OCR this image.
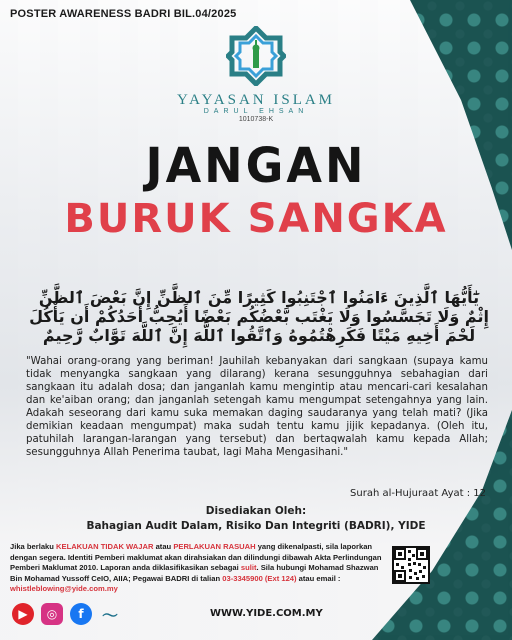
POSTER AWARENESS BADRI BIL.04/2025
YAYASAN ISLAM
DARUL EHSAN
1010738-K
JANGAN
BURUK SANGKA
يَٰٓأَيُّهَا ٱلَّذِينَ ءَامَنُوا ٱجْتَنِبُوا كَثِيرًا مِّنَ ٱلظَّنِّ إِنَّ بَعْضَ ٱلظَّنِّ إِثْمٌ وَلَا تَجَسَّسُوا وَلَا يَغْتَب بَّعْضُكُم بَعْضًا أَيُحِبُّ أَحَدُكُمْ أَن يَأْكُلَ لَحْمَ أَخِيهِ مَيْتًا فَكَرِهْتُمُوهُ وَٱتَّقُوا ٱللَّهَ إِنَّ ٱللَّهَ تَوَّابٌ رَّحِيمٌ
"Wahai orang-orang yang beriman! Jauhilah kebanyakan dari sangkaan (supaya kamu tidak menyangka sangkaan yang dilarang) kerana sesungguhnya sebahagian dari sangkaan itu adalah dosa; dan janganlah kamu mengintip atau mencari-cari kesalahan dan ke'aiban orang; dan janganlah setengah kamu mengumpat setengahnya yang lain. Adakah seseorang dari kamu suka memakan daging saudaranya yang telah mati? (Jika demikian keadaan mengumpat) maka sudah tentu kamu jijik kepadanya. (Oleh itu, patuhilah larangan-larangan yang tersebut) dan bertaqwalah kamu kepada Allah; sesungguhnya Allah Penerima taubat, lagi Maha Mengasihani."
Surah al-Hujuraat Ayat : 12
Disediakan Oleh:
Bahagian Audit Dalam, Risiko Dan Integriti (BADRI), YIDE
Jika berlaku KELAKUAN TIDAK WAJAR atau PERLAKUAN RASUAH yang dikenalpasti, sila laporkan dengan segera. Identiti Pemberi maklumat akan dirahsiakan dan dilindungi dibawah Akta Perlindungan Pemberi Maklumat 2010. Laporan anda diklasifikasikan sebagai sulit. Sila hubungi Mohamad Shazwan Bin Mohamad Yussoff CeIO, AIIA; Pegawai BADRI di talian 03-3345900 (Ext 124) atau email : whistleblowing@yide.com.my
▶	◎	f	〜	WWW.YIDE.COM.MY
